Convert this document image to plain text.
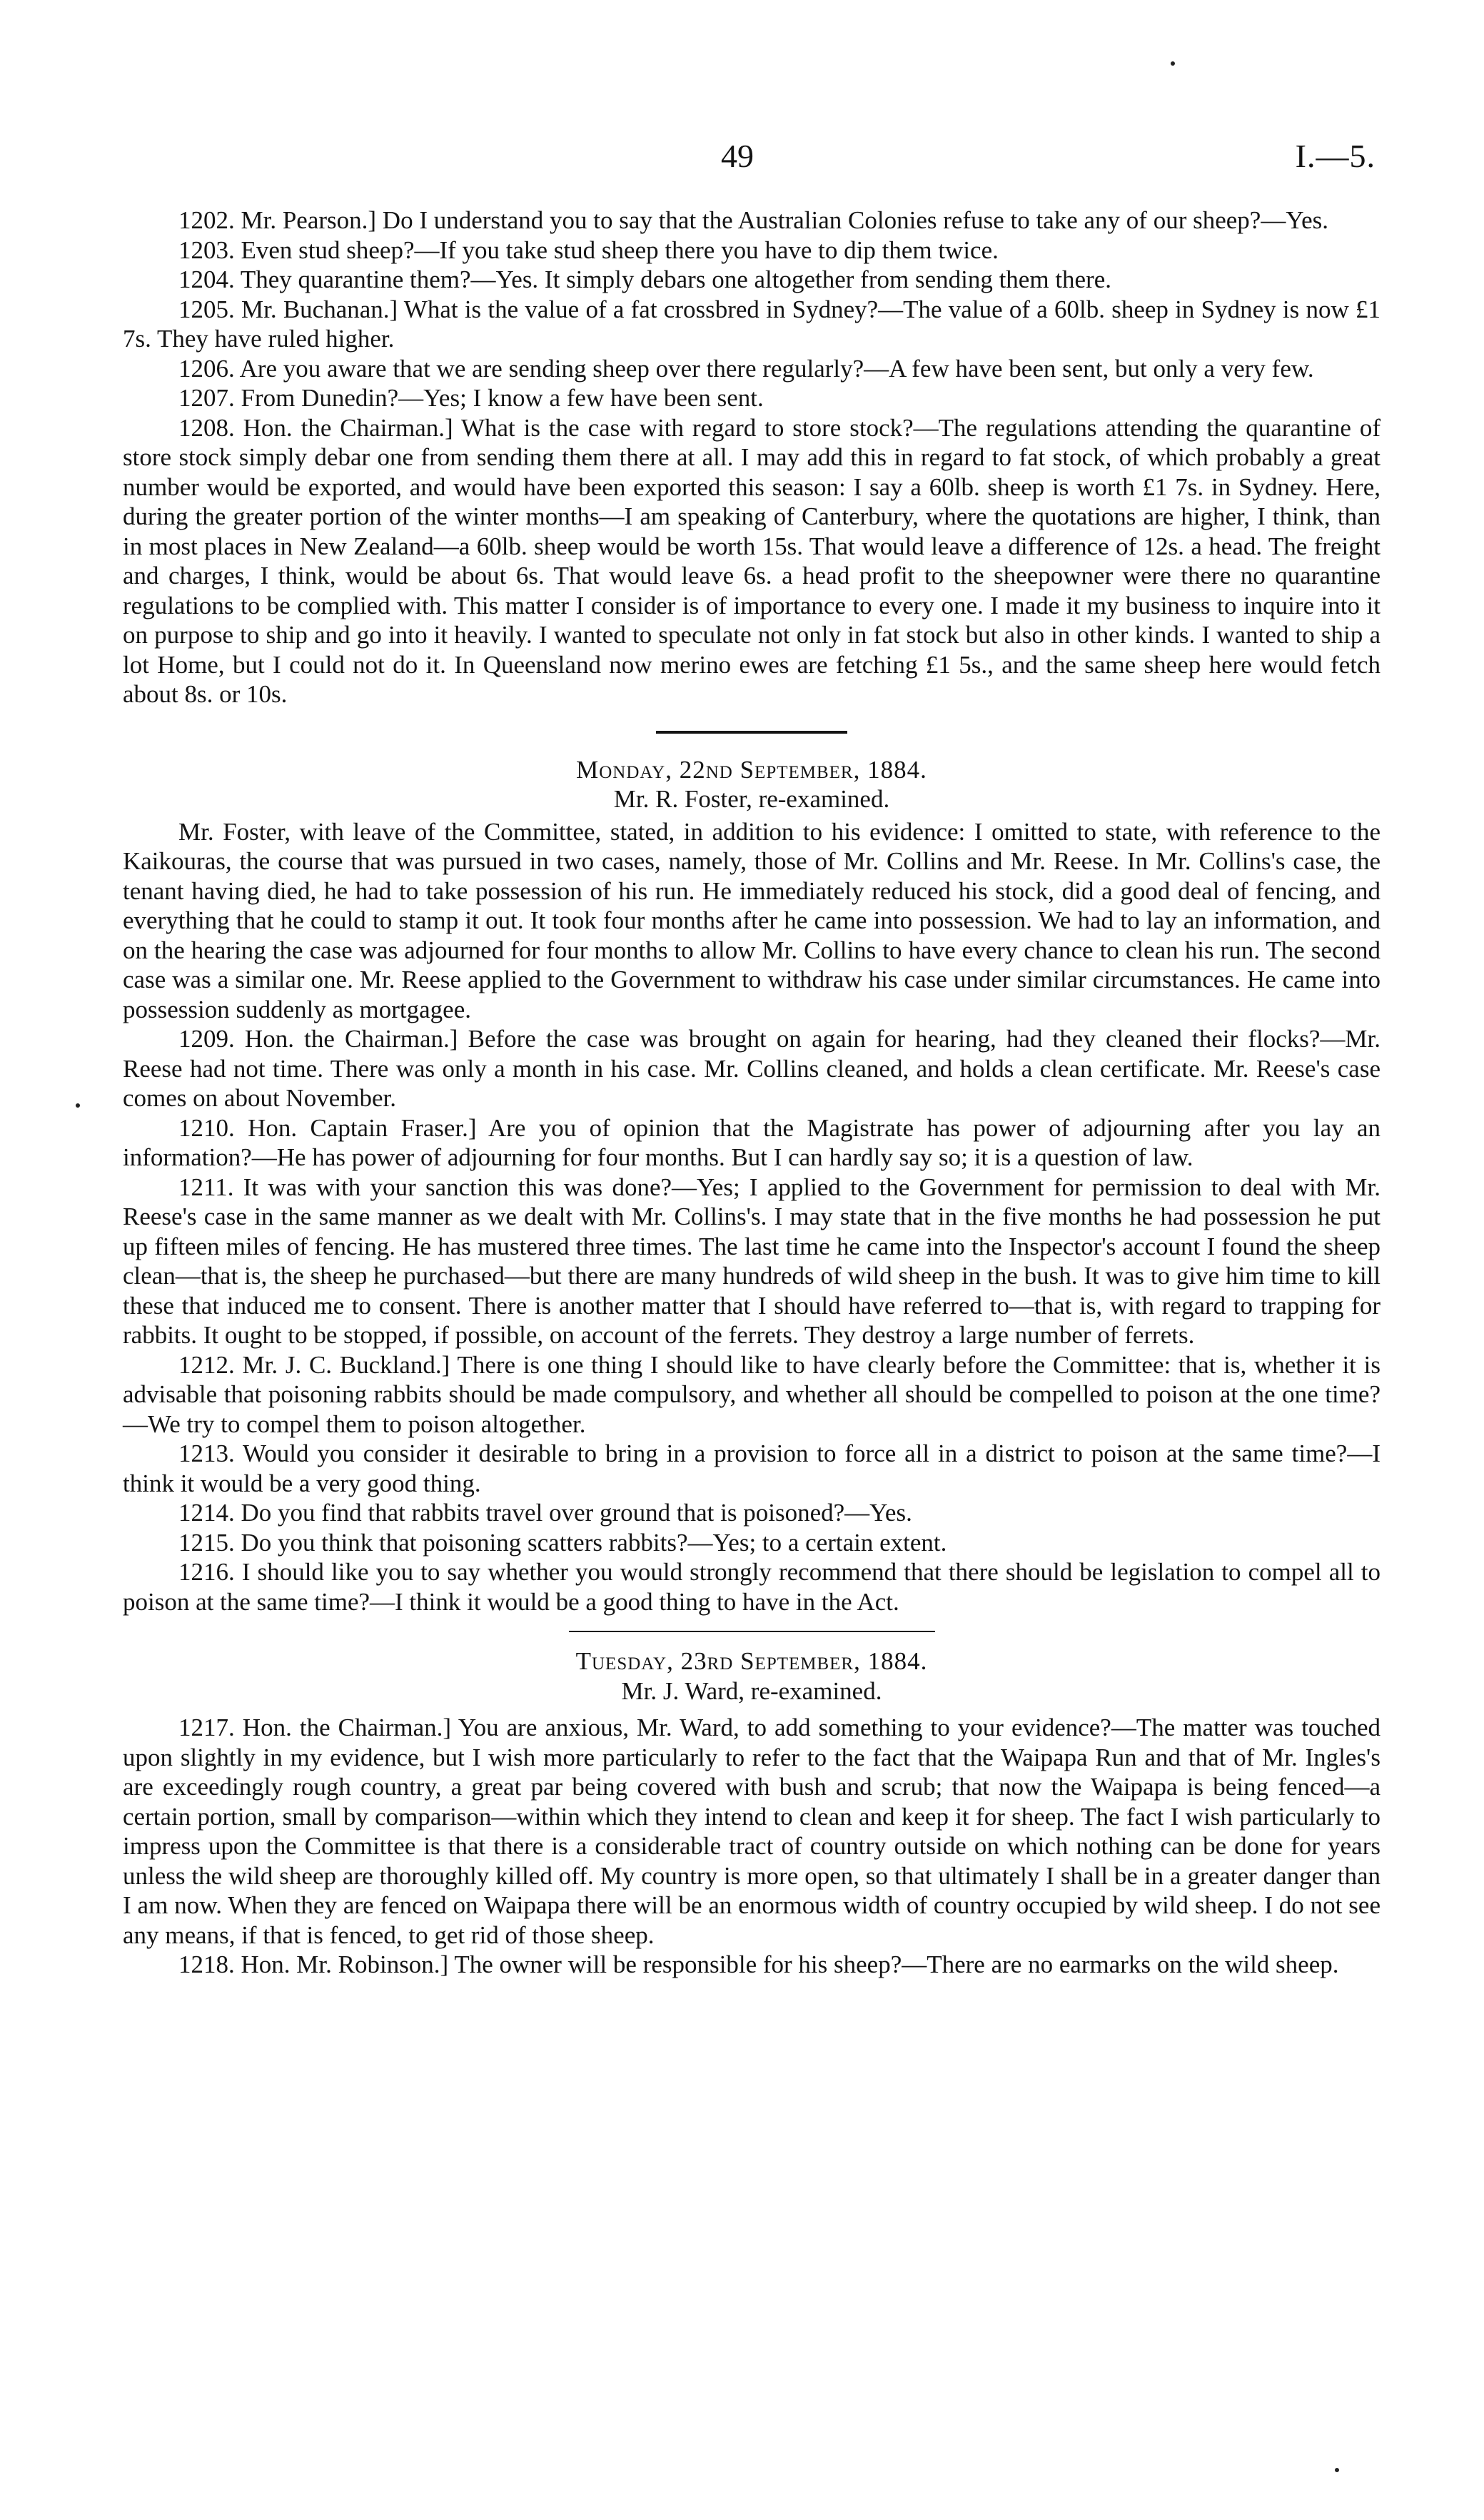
49	I.—5.

1202. Mr. Pearson.] Do I understand you to say that the Australian Colonies refuse to take any of our sheep?—Yes.

1203. Even stud sheep?—If you take stud sheep there you have to dip them twice.

1204. They quarantine them?—Yes. It simply debars one altogether from sending them there.

1205. Mr. Buchanan.] What is the value of a fat crossbred in Sydney?—The value of a 60lb. sheep in Sydney is now £1 7s. They have ruled higher.

1206. Are you aware that we are sending sheep over there regularly?—A few have been sent, but only a very few.

1207. From Dunedin?—Yes; I know a few have been sent.

1208. Hon. the Chairman.] What is the case with regard to store stock?—The regulations attending the quarantine of store stock simply debar one from sending them there at all. I may add this in regard to fat stock, of which probably a great number would be exported, and would have been exported this season: I say a 60lb. sheep is worth £1 7s. in Sydney. Here, during the greater portion of the winter months—I am speaking of Canterbury, where the quotations are higher, I think, than in most places in New Zealand—a 60lb. sheep would be worth 15s. That would leave a difference of 12s. a head. The freight and charges, I think, would be about 6s. That would leave 6s. a head profit to the sheepowner were there no quarantine regulations to be complied with. This matter I consider is of importance to every one. I made it my business to inquire into it on purpose to ship and go into it heavily. I wanted to speculate not only in fat stock but also in other kinds. I wanted to ship a lot Home, but I could not do it. In Queensland now merino ewes are fetching £1 5s., and the same sheep here would fetch about 8s. or 10s.

Monday, 22nd September, 1884.

Mr. R. Foster, re-examined.

Mr. Foster, with leave of the Committee, stated, in addition to his evidence: I omitted to state, with reference to the Kaikouras, the course that was pursued in two cases, namely, those of Mr. Collins and Mr. Reese. In Mr. Collins's case, the tenant having died, he had to take possession of his run. He immediately reduced his stock, did a good deal of fencing, and everything that he could to stamp it out. It took four months after he came into possession. We had to lay an information, and on the hearing the case was adjourned for four months to allow Mr. Collins to have every chance to clean his run. The second case was a similar one. Mr. Reese applied to the Government to withdraw his case under similar circumstances. He came into possession suddenly as mortgagee.

1209. Hon. the Chairman.] Before the case was brought on again for hearing, had they cleaned their flocks?—Mr. Reese had not time. There was only a month in his case. Mr. Collins cleaned, and holds a clean certificate. Mr. Reese's case comes on about November.

1210. Hon. Captain Fraser.] Are you of opinion that the Magistrate has power of adjourning after you lay an information?—He has power of adjourning for four months. But I can hardly say so; it is a question of law.

1211. It was with your sanction this was done?—Yes; I applied to the Government for permission to deal with Mr. Reese's case in the same manner as we dealt with Mr. Collins's. I may state that in the five months he had possession he put up fifteen miles of fencing. He has mustered three times. The last time he came into the Inspector's account I found the sheep clean—that is, the sheep he purchased—but there are many hundreds of wild sheep in the bush. It was to give him time to kill these that induced me to consent. There is another matter that I should have referred to—that is, with regard to trapping for rabbits. It ought to be stopped, if possible, on account of the ferrets. They destroy a large number of ferrets.

1212. Mr. J. C. Buckland.] There is one thing I should like to have clearly before the Committee: that is, whether it is advisable that poisoning rabbits should be made compulsory, and whether all should be compelled to poison at the one time?—We try to compel them to poison altogether.

1213. Would you consider it desirable to bring in a provision to force all in a district to poison at the same time?—I think it would be a very good thing.

1214. Do you find that rabbits travel over ground that is poisoned?—Yes.

1215. Do you think that poisoning scatters rabbits?—Yes; to a certain extent.

1216. I should like you to say whether you would strongly recommend that there should be legislation to compel all to poison at the same time?—I think it would be a good thing to have in the Act.

Tuesday, 23rd September, 1884.

Mr. J. Ward, re-examined.

1217. Hon. the Chairman.] You are anxious, Mr. Ward, to add something to your evidence?—The matter was touched upon slightly in my evidence, but I wish more particularly to refer to the fact that the Waipapa Run and that of Mr. Ingles's are exceedingly rough country, a great par being covered with bush and scrub; that now the Waipapa is being fenced—a certain portion, small by comparison—within which they intend to clean and keep it for sheep. The fact I wish particularly to impress upon the Committee is that there is a considerable tract of country outside on which nothing can be done for years unless the wild sheep are thoroughly killed off. My country is more open, so that ultimately I shall be in a greater danger than I am now. When they are fenced on Waipapa there will be an enormous width of country occupied by wild sheep. I do not see any means, if that is fenced, to get rid of those sheep.

1218. Hon. Mr. Robinson.] The owner will be responsible for his sheep?—There are no earmarks on the wild sheep.
